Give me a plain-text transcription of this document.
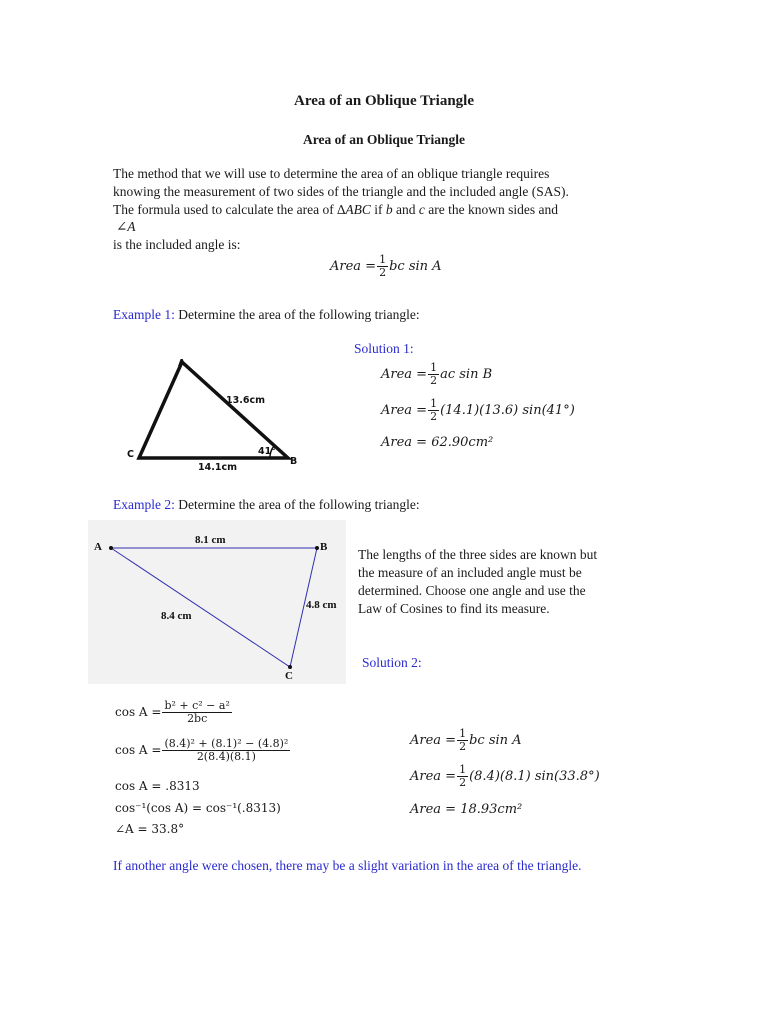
Area of an Oblique Triangle
Area of an Oblique Triangle
The method that we will use to determine the area of an oblique triangle requires
knowing the measurement of two sides of the triangle and the included angle (SAS).
The formula used to calculate the area of ∆ABC if b and c are the known sides and
∠A
is the included angle is:
Area = $\frac{1}{2}$ bc sin A
Example 1: Determine the area of the following triangle:
A
B
C
13.6cm
14.1cm
41°
Solution 1:
Area = $\frac{1}{2}$ ac sin B
Area = $\frac{1}{2} (14.1)(13.6)$ sin(41°)
Area = 62.90cm²
Example 2: Determine the area of the following triangle:
A	B
C
8.1 cm
8.4 cm
4.8 cm
The lengths of the three sides are known but the measure of an included angle must be determined. Choose one angle and use the Law of Cosines to find its measure.
Solution 2:
$\cos A = \frac{\text{b² + c² − a²}}{2bc}$
$\cos A = \frac{\text{(8.4)² + (8.1)² − (4.8)²}}{2(8.4)(8.1)}$
cos A = .8313
cos⁻¹(cos A) = cos⁻¹(.8313)
∠A = 33.8°
Area = $\frac{1}{2}$ bc sin A
Area = $\frac{1}{2} (8.4)(8.1)$ sin(33.8°)
Area = 18.93cm²
If another angle were chosen, there may be a slight variation in the area of the triangle.
